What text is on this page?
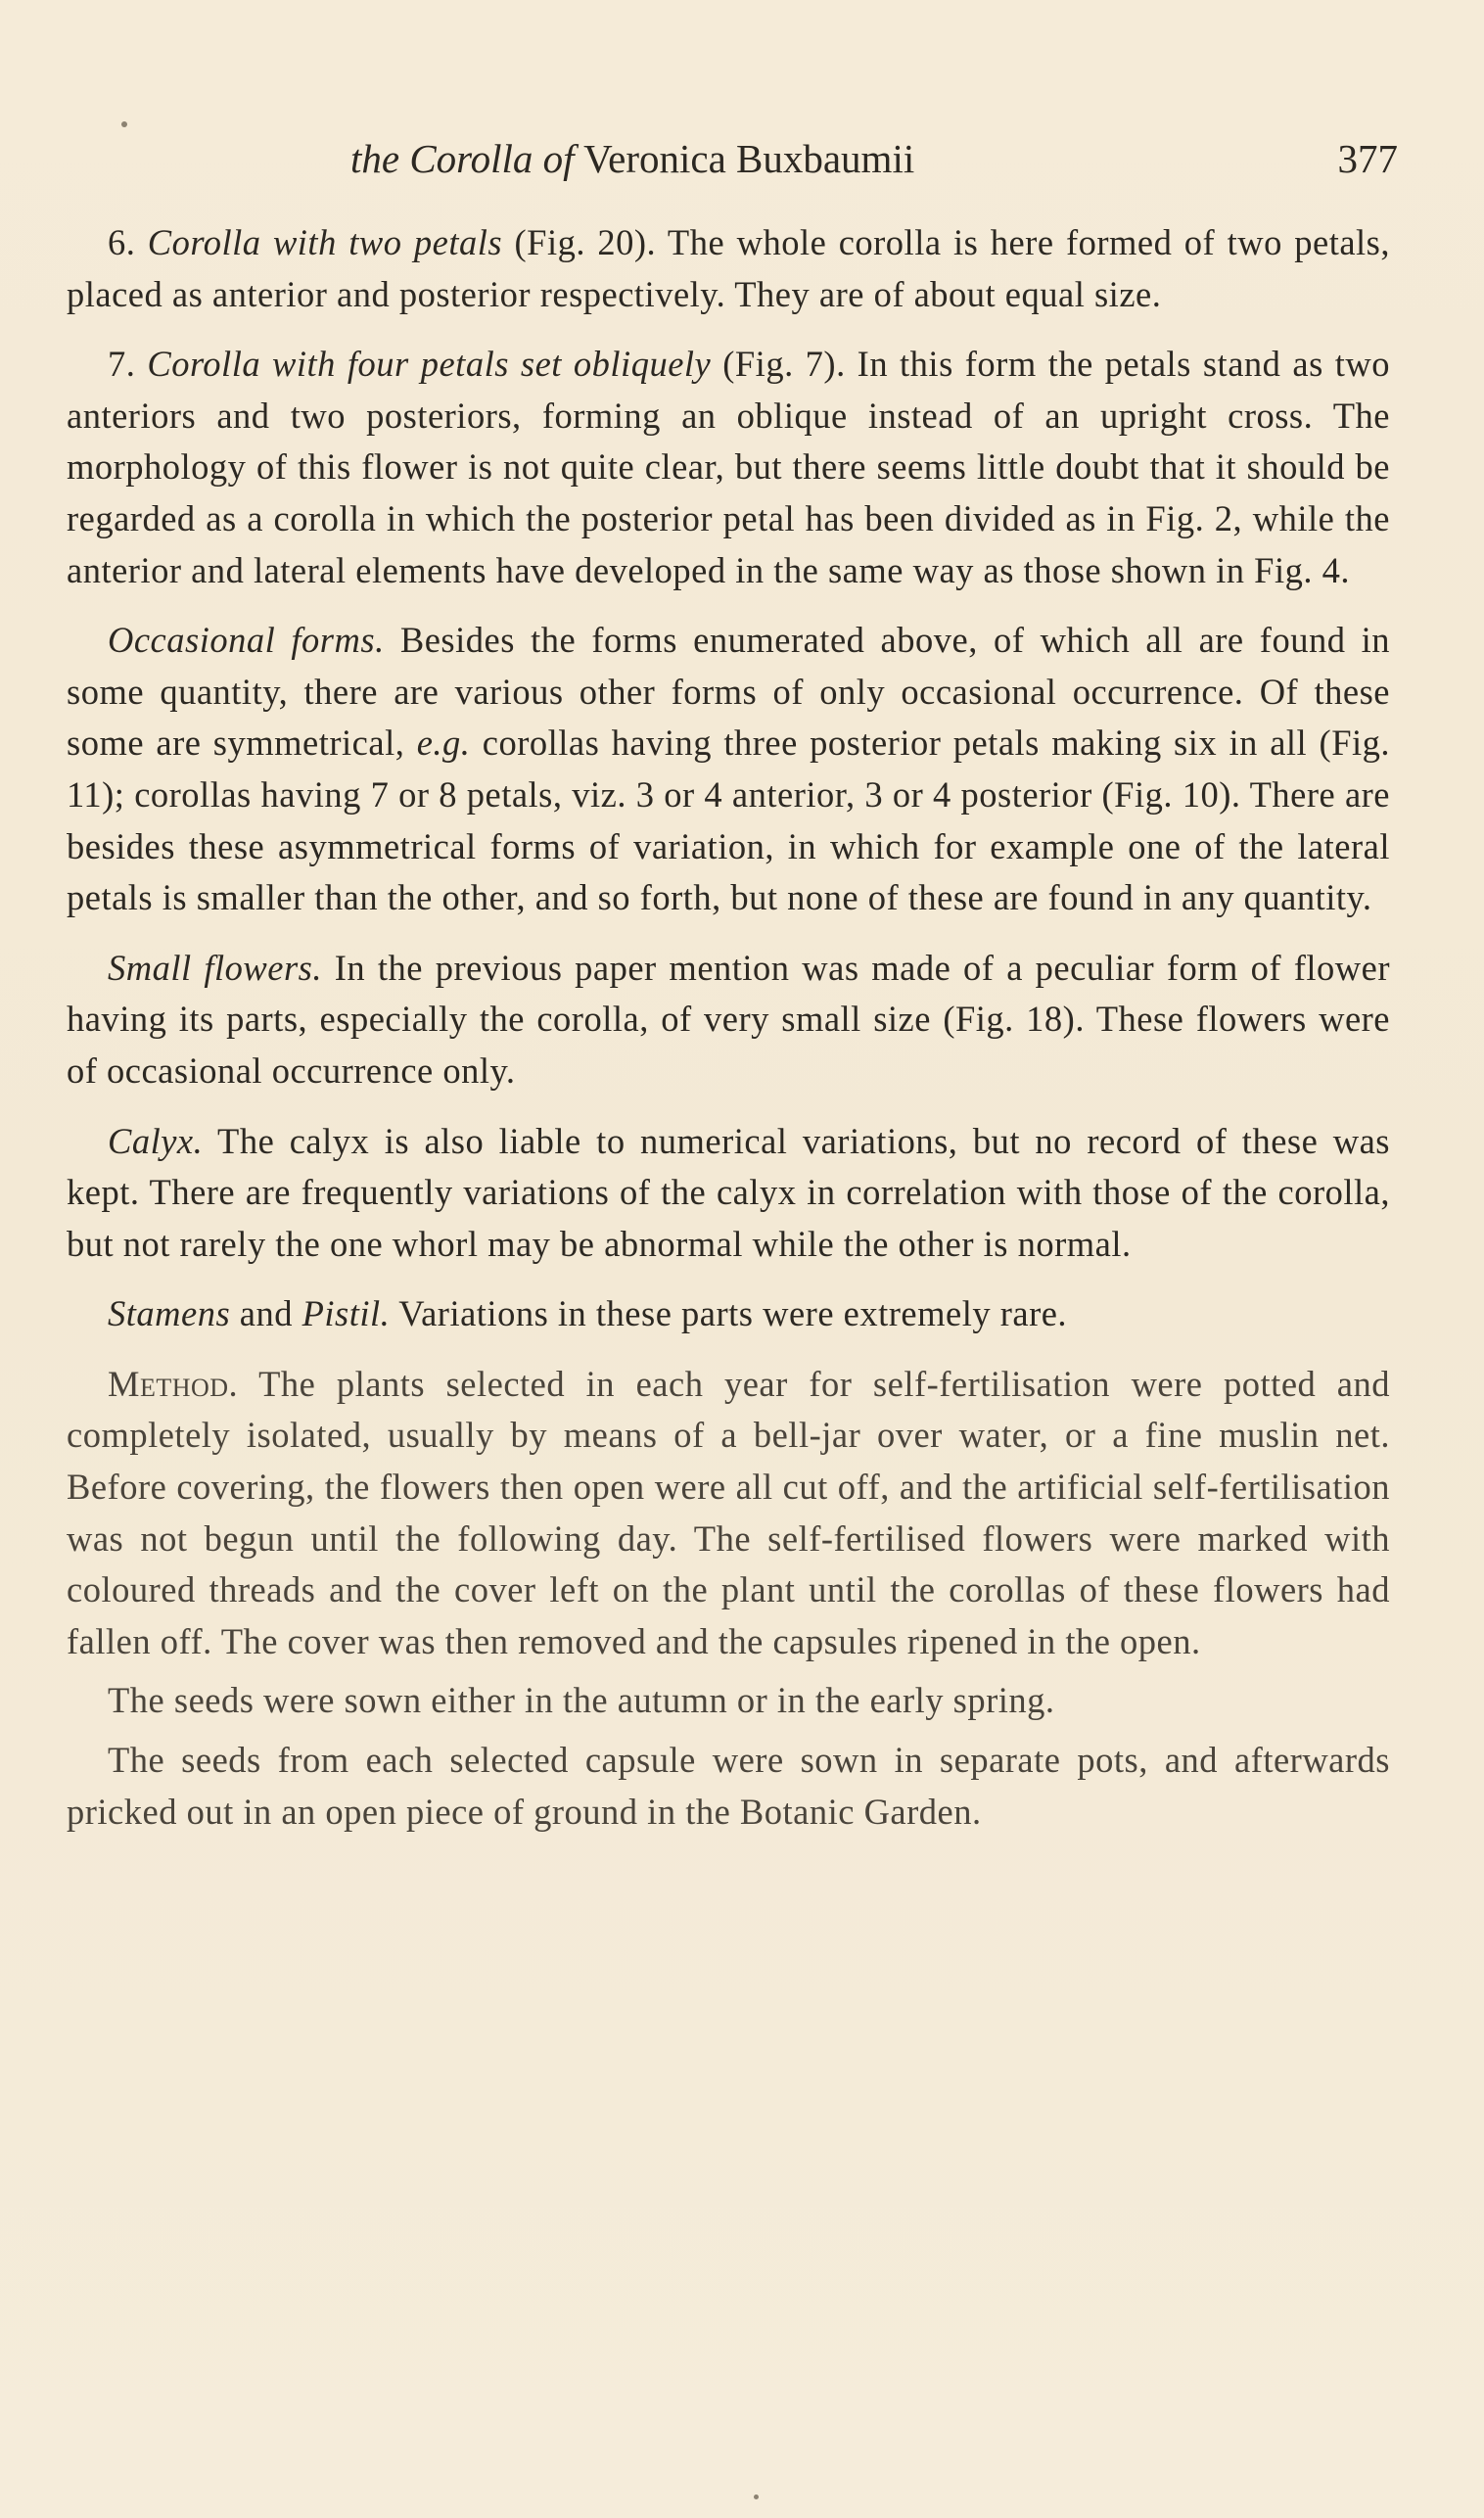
the Corolla of Veronica Buxbaumii	377

6. Corolla with two petals (Fig. 20). The whole corolla is here formed of two petals, placed as anterior and posterior respectively. They are of about equal size.

7. Corolla with four petals set obliquely (Fig. 7). In this form the petals stand as two anteriors and two posteriors, forming an oblique instead of an upright cross. The morphology of this flower is not quite clear, but there seems little doubt that it should be regarded as a corolla in which the posterior petal has been divided as in Fig. 2, while the anterior and lateral elements have developed in the same way as those shown in Fig. 4.

Occasional forms. Besides the forms enumerated above, of which all are found in some quantity, there are various other forms of only occasional occurrence. Of these some are symmetrical, e.g. corollas having three posterior petals making six in all (Fig. 11); corollas having 7 or 8 petals, viz. 3 or 4 anterior, 3 or 4 posterior (Fig. 10). There are besides these asymmetrical forms of variation, in which for example one of the lateral petals is smaller than the other, and so forth, but none of these are found in any quantity.

Small flowers. In the previous paper mention was made of a peculiar form of flower having its parts, especially the corolla, of very small size (Fig. 18). These flowers were of occasional occurrence only.

Calyx. The calyx is also liable to numerical variations, but no record of these was kept. There are frequently variations of the calyx in correlation with those of the corolla, but not rarely the one whorl may be abnormal while the other is normal.

Stamens and Pistil. Variations in these parts were extremely rare.

Method. The plants selected in each year for self-fertilisation were potted and completely isolated, usually by means of a bell-jar over water, or a fine muslin net. Before covering, the flowers then open were all cut off, and the artificial self-fertilisation was not begun until the following day. The self-fertilised flowers were marked with coloured threads and the cover left on the plant until the corollas of these flowers had fallen off. The cover was then removed and the capsules ripened in the open.

The seeds were sown either in the autumn or in the early spring.

The seeds from each selected capsule were sown in separate pots, and afterwards pricked out in an open piece of ground in the Botanic Garden.
